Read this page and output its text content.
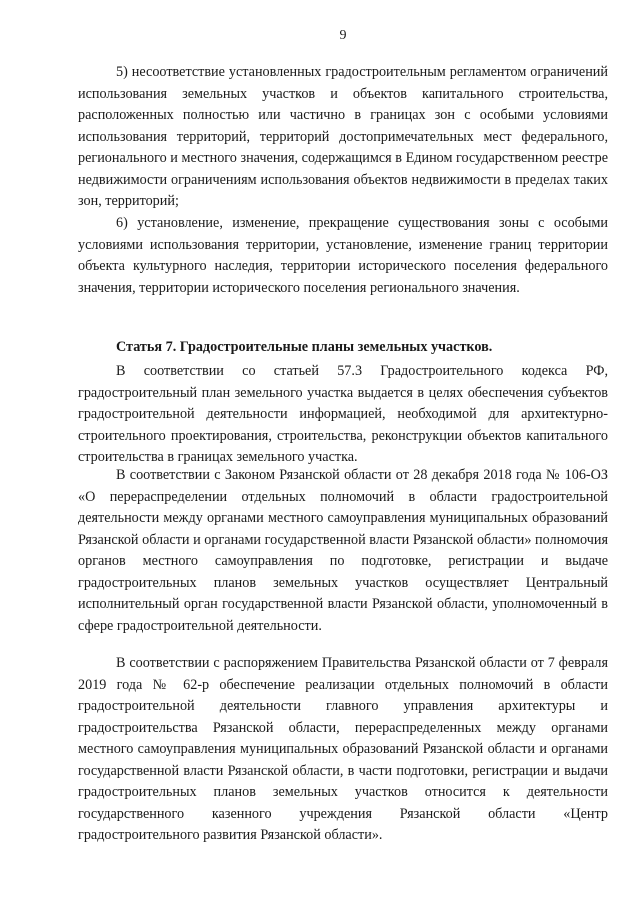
9

5) несоответствие установленных градостроительным регламентом ограничений использования земельных участков и объектов капитального строительства, расположенных полностью или частично в границах зон с особыми условиями использования территорий, территорий достопримечательных мест федерального, регионального и местного значения, содержащимся в Едином государственном реестре недвижимости ограничениям использования объектов недвижимости в пределах таких зон, территорий;

6) установление, изменение, прекращение существования зоны с особыми условиями использования территории, установление, изменение границ территории объекта культурного наследия, территории исторического поселения федерального значения, территории исторического поселения регионального значения.

Статья 7. Градостроительные планы земельных участков.

В соответствии со статьей 57.3 Градостроительного кодекса РФ, градостроительный план земельного участка выдается в целях обеспечения субъектов градостроительной деятельности информацией, необходимой для архитектурно-строительного проектирования, строительства, реконструкции объектов капитального строительства в границах земельного участка.

В соответствии с Законом Рязанской области от 28 декабря 2018 года № 106-ОЗ «О перераспределении отдельных полномочий в области градостроительной деятельности между органами местного самоуправления муниципальных образований Рязанской области и органами государственной власти Рязанской области» полномочия органов местного самоуправления по подготовке, регистрации и выдаче градостроительных планов земельных участков осуществляет Центральный исполнительный орган государственной власти Рязанской области, уполномоченный в сфере градостроительной деятельности.

В соответствии с распоряжением Правительства Рязанской области от 7 февраля 2019 года № 62-р обеспечение реализации отдельных полномочий в области градостроительной деятельности главного управления архитектуры и градостроительства Рязанской области, перераспределенных между органами местного самоуправления муниципальных образований Рязанской области и органами государственной власти Рязанской области, в части подготовки, регистрации и выдачи градостроительных планов земельных участков относится к деятельности государственного казенного учреждения Рязанской области «Центр градостроительного развития Рязанской области».
